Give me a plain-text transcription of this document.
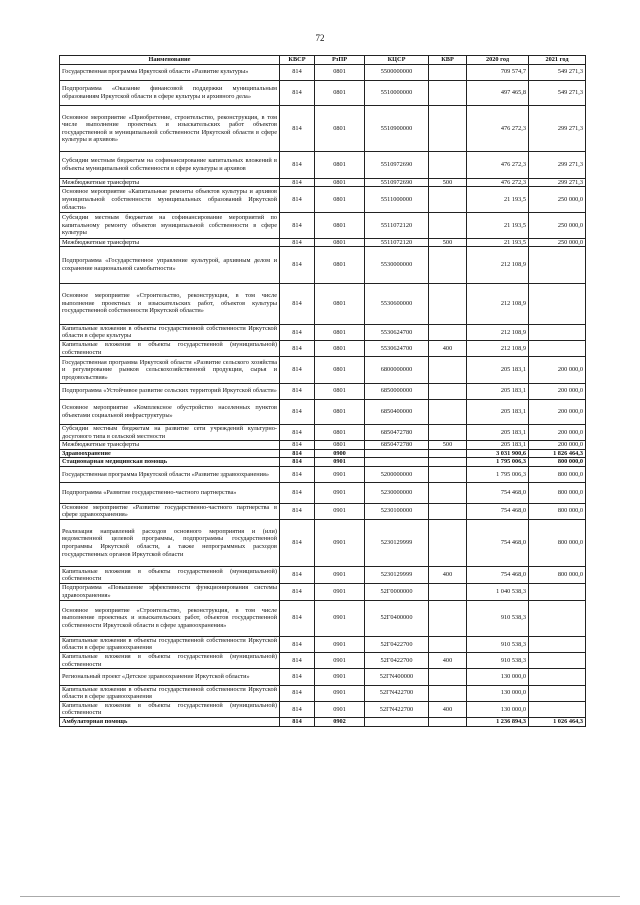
72
Наименование	КВСР	РзПР	КЦСР	КВР	2020 год	2021 год
Государственная программа Иркутской области «Развитие культуры»	814	0801	5500000000		709 574,7	549 271,3
Подпрограмма «Оказание финансовой поддержки муниципальным образованиям Иркутской области в сфере культуры и архивного дела»	814	0801	5510000000		497 465,8	549 271,3
Основное мероприятие «Приобретение, строительство, реконструкция, в том числе выполнение проектных и изыскательских работ объектов государственной и муниципальной собственности Иркутской области в сфере культуры и архивов»	814	0801	5510900000		476 272,3	299 271,3
Субсидии местным бюджетам на софинансирование капитальных вложений в объекты муниципальной собственности в сфере культуры и архивов	814	0801	5510972690		476 272,3	299 271,3
Межбюджетные трансферты	814	0801	5510972690	500	476 272,3	299 271,3
Основное мероприятие «Капитальные ремонты объектов культуры и архивов муниципальной собственности муниципальных образований Иркутской области»	814	0801	5511000000		21 193,5	250 000,0
Субсидии местным бюджетам на софинансирование мероприятий по капитальному ремонту объектов муниципальной собственности в сфере культуры	814	0801	5511072120		21 193,5	250 000,0
Межбюджетные трансферты	814	0801	5511072120	500	21 193,5	250 000,0
Подпрограмма «Государственное управление культурой, архивным делом и сохранение национальной самобытности»	814	0801	5530000000		212 108,9	
Основное мероприятие «Строительство, реконструкция, в том числе выполнение проектных и изыскательских работ, объектов культуры государственной собственности Иркутской области»	814	0801	5530600000		212 108,9	
Капитальные вложения в объекты государственной собственности Иркутской области в сфере культуры	814	0801	5530624700		212 108,9	
Капитальные вложения в объекты государственной (муниципальной) собственности	814	0801	5530624700	400	212 108,9	
Государственная программа Иркутской области «Развитие сельского хозяйства и регулирование рынков сельскохозяйственной продукции, сырья и продовольствия»	814	0801	6800000000		205 183,1	200 000,0
Подпрограмма «Устойчивое развитие сельских территорий Иркутской области»	814	0801	6850000000		205 183,1	200 000,0
Основное мероприятие «Комплексное обустройство населенных пунктов объектами социальной инфраструктуры»	814	0801	6850400000		205 183,1	200 000,0
Субсидии местным бюджетам на развитие сети учреждений культурно-досугового типа в сельской местности	814	0801	6850472780		205 183,1	200 000,0
Межбюджетные трансферты	814	0801	6850472780	500	205 183,1	200 000,0
Здравоохранение	814	0900			3 031 900,6	1 826 464,3
Стационарная медицинская помощь	814	0901			1 795 006,3	800 000,0
Государственная программа Иркутской области «Развитие здравоохранения»	814	0901	5200000000		1 795 006,3	800 000,0
Подпрограмма «Развитие государственно-частного партнерства»	814	0901	5230000000		754 468,0	800 000,0
Основное мероприятие «Развитие государственно-частного партнерства в сфере здравоохранения»	814	0901	5230100000		754 468,0	800 000,0
Реализация направлений расходов основного мероприятия и (или) ведомственной целевой программы, подпрограммы государственной программы Иркутской области, а также непрограммных расходов государственных органов Иркутской области	814	0901	5230129999		754 468,0	800 000,0
Капитальные вложения в объекты государственной (муниципальной) собственности	814	0901	5230129999	400	754 468,0	800 000,0
Подпрограмма «Повышение эффективности функционирования системы здравоохранения»	814	0901	52Г0000000		1 040 538,3	
Основное мероприятие «Строительство, реконструкция, в том числе выполнение проектных и изыскательских работ, объектов государственной собственности Иркутской области в сфере здравоохранения»	814	0901	52Г0400000		910 538,3	
Капитальные вложения в объекты государственной собственности Иркутской области в сфере здравоохранения	814	0901	52Г0422700		910 538,3	
Капитальные вложения в объекты государственной (муниципальной) собственности	814	0901	52Г0422700	400	910 538,3	
Региональный проект «Детское здравоохранение Иркутской области»	814	0901	52ГN400000		130 000,0	
Капитальные вложения в объекты государственной собственности Иркутской области в сфере здравоохранения	814	0901	52ГN422700		130 000,0	
Капитальные вложения в объекты государственной (муниципальной) собственности	814	0901	52ГN422700	400	130 000,0	
Амбулаторная помощь	814	0902			1 236 894,3	1 026 464,3
